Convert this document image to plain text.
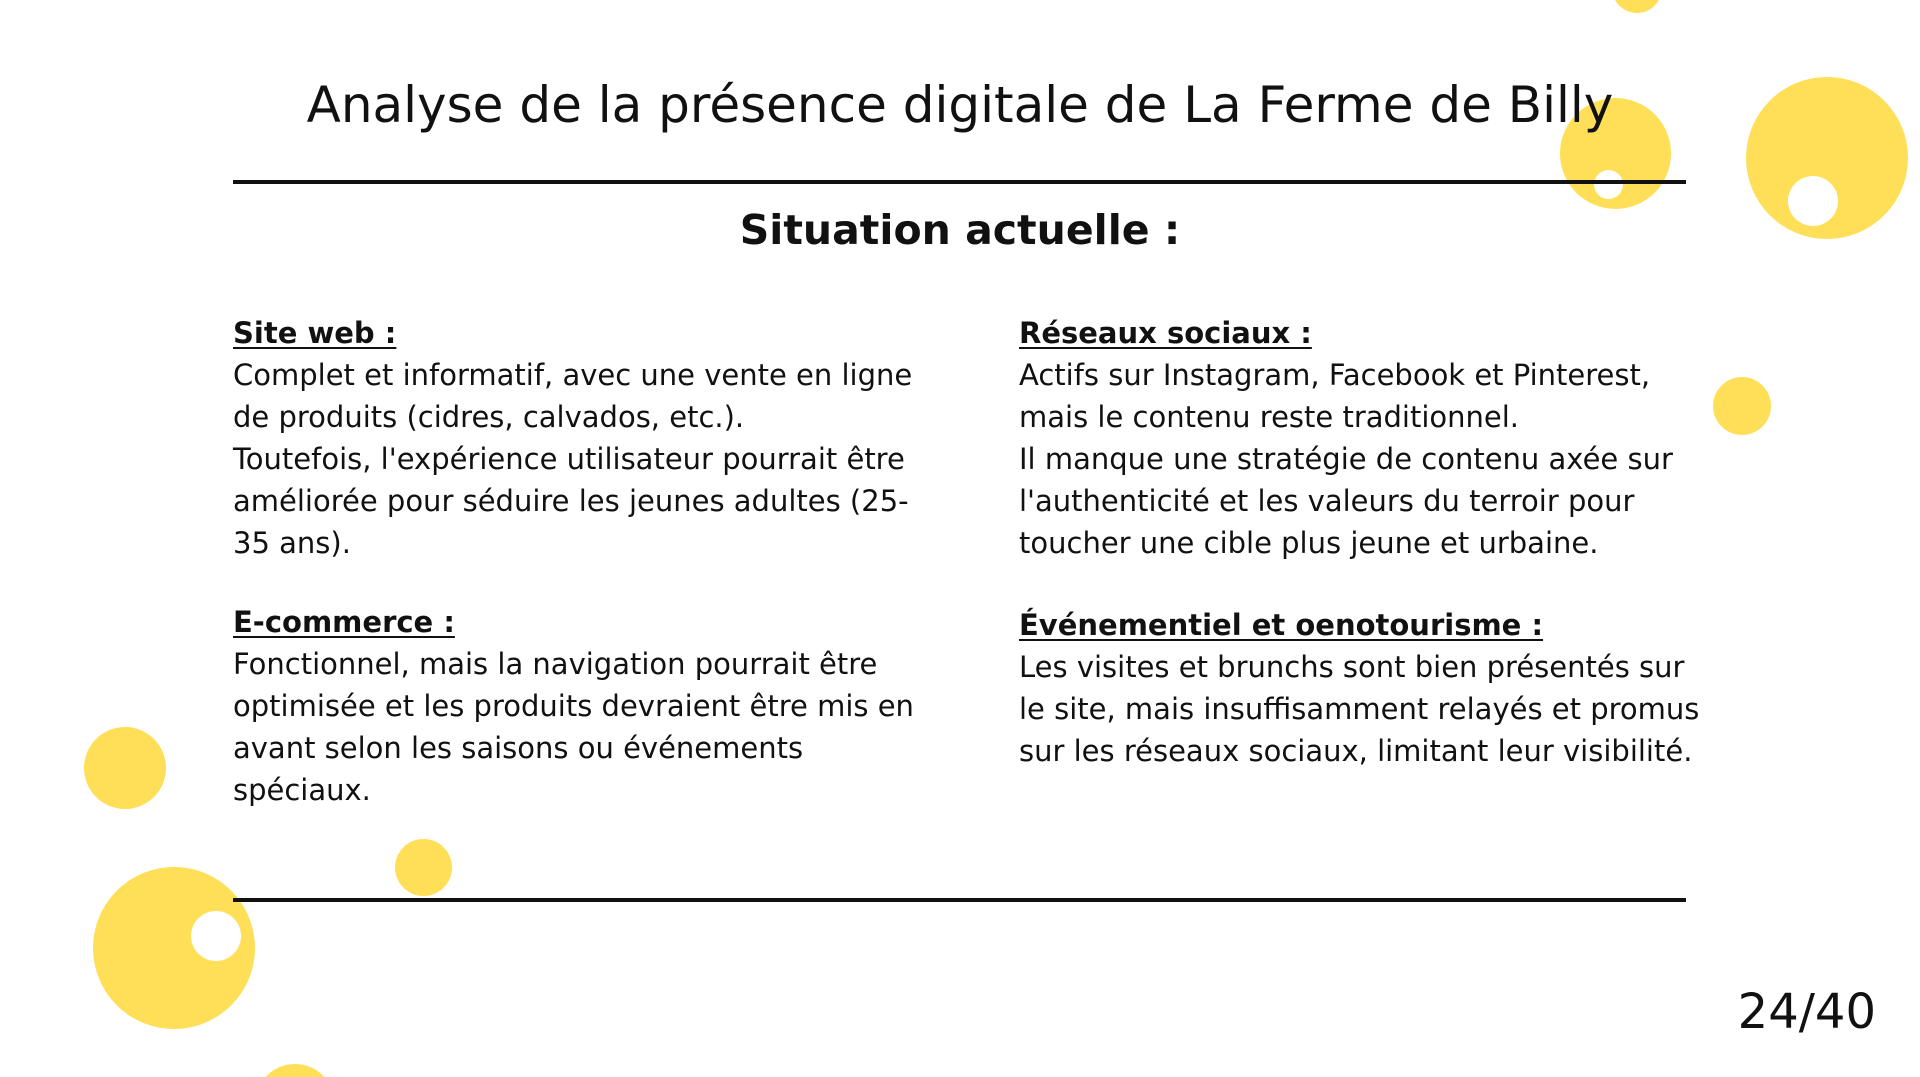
Analyse de la présence digitale de La Ferme de Billy
Situation actuelle :
Site web :

Complet et informatif, avec une vente en ligne
de produits (cidres, calvados, etc.).
Toutefois, l'expérience utilisateur pourrait être
améliorée pour séduire les jeunes adultes (25-
35 ans).

E-commerce :

Fonctionnel, mais la navigation pourrait être
optimisée et les produits devraient être mis en
avant selon les saisons ou événements
spéciaux.

Réseaux sociaux :

Actifs sur Instagram, Facebook et Pinterest,
mais le contenu reste traditionnel.
Il manque une stratégie de contenu axée sur
l'authenticité et les valeurs du terroir pour
toucher une cible plus jeune et urbaine.

Événementiel et oenotourisme :

Les visites et brunchs sont bien présentés sur
le site, mais insuffisamment relayés et promus
sur les réseaux sociaux, limitant leur visibilité.

24/40
